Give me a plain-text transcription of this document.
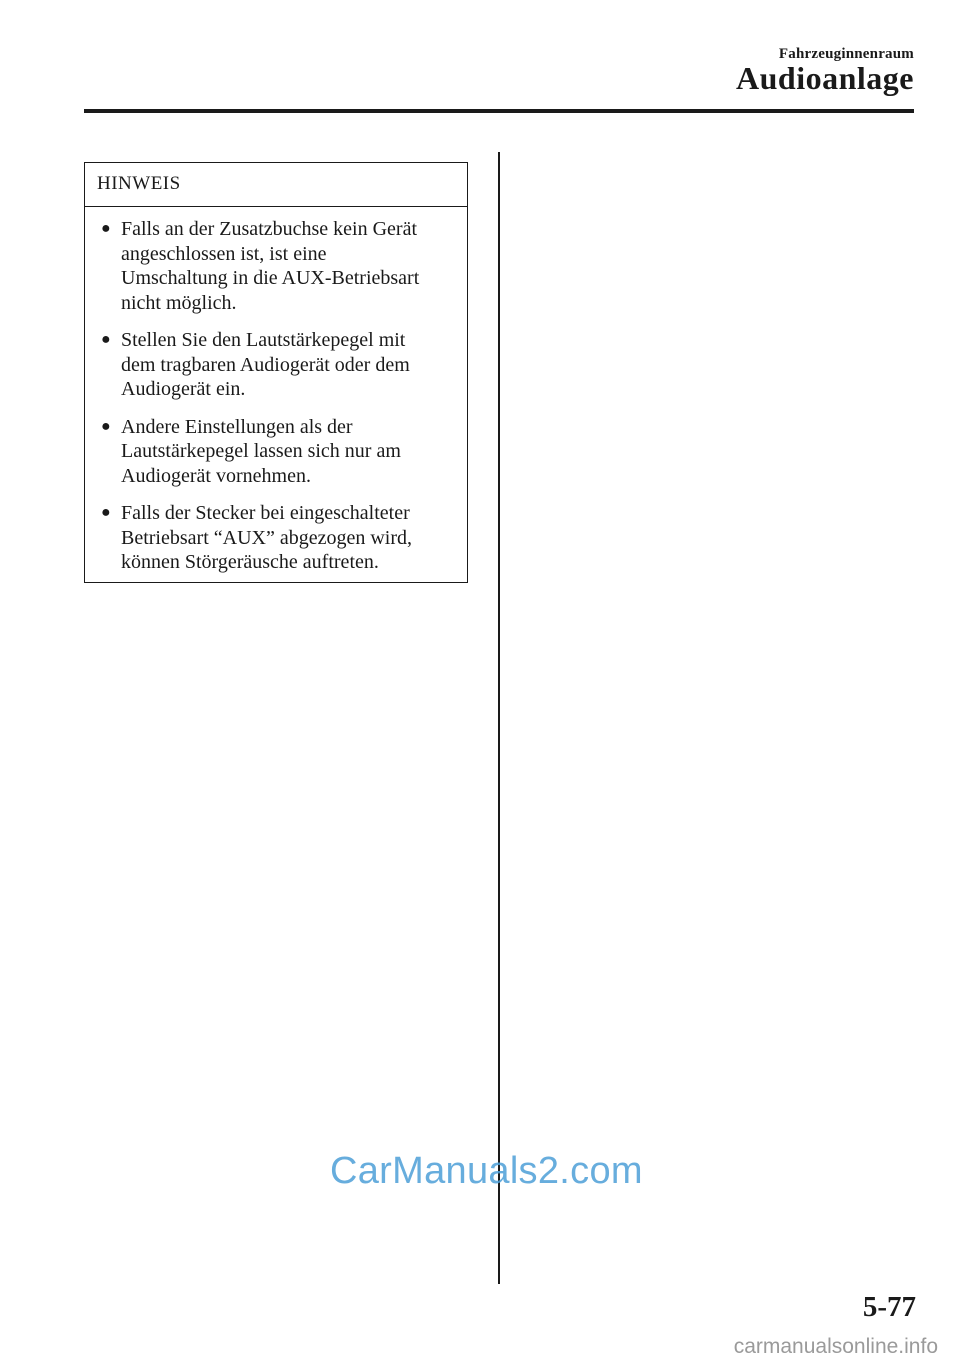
Fahrzeuginnenraum
Audioanlage
HINWEIS
● Falls an der Zusatzbuchse kein Gerät
angeschlossen ist, ist eine
Umschaltung in die AUX-Betriebsart
nicht möglich.
● Stellen Sie den Lautstärkepegel mit
dem tragbaren Audiogerät oder dem
Audiogerät ein.
● Andere Einstellungen als der
Lautstärkepegel lassen sich nur am
Audiogerät vornehmen.
● Falls der Stecker bei eingeschalteter
Betriebsart “AUX” abgezogen wird,
können Störgeräusche auftreten.
CarManuals2.com
5-77
carmanualsonline.info
